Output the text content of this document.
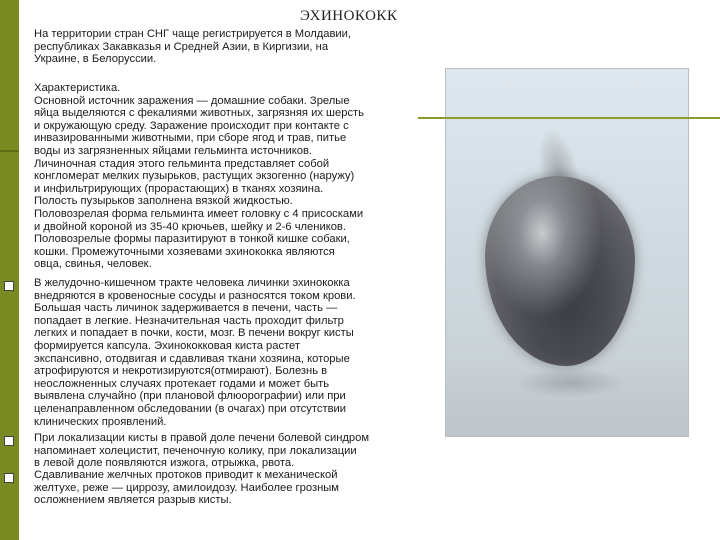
ЭХИНОКОКК
На территории стран СНГ чаще регистрируется в Молдавии,
республиках Закавказья и Средней Азии, в Киргизии, на
Украине, в Белоруссии.
Характеристика.
Основной источник заражения — домашние собаки. Зрелые
яйца выделяются с фекалиями животных, загрязняя их шерсть
и окружающую среду. Заражение происходит при контакте с
инвазированными животными, при сборе ягод и трав, питье
воды из загрязненных яйцами гельминта источников.
Личиночная стадия этого гельминта представляет собой
конгломерат мелких пузырьков, растущих экзогенно (наружу)
и инфильтрирующих (прорастающих) в тканях хозяина.
Полость пузырьков заполнена вязкой жидкостью.
Половозрелая форма гельминта имеет головку с 4 присосками
и двойной короной из 35-40 крючьев, шейку и 2-6 члеников.
Половозрелые формы паразитируют в тонкой кишке собаки,
кошки. Промежуточными хозяевами эхинококка являются
овца, свинья, человек.
В желудочно-кишечном тракте человека личинки эхинококка
внедряются в кровеносные сосуды и разносятся током крови.
Большая часть личинок задерживается в печени, часть —
попадает в легкие. Незначительная часть проходит фильтр
легких и попадает в почки, кости, мозг. В печени вокруг кисты
формируется капсула. Эхинококковая киста растет
экспансивно, отодвигая и сдавливая ткани хозяина, которые
атрофируются и некротизируются(отмирают). Болезнь в
неосложненных случаях протекает годами и может быть
выявлена случайно (при плановой флюорографии) или при
целенаправленном обследовании (в очагах) при отсутствии
клинических проявлений.
При локализации кисты в правой доле печени болевой синдром
напоминает холецистит, печеночную колику, при локализации
в левой доле появляются изжога, отрыжка, рвота.
Сдавливание желчных протоков приводит к механической
желтухе, реже — циррозу, амилоидозу. Наиболее грозным
осложнением является разрыв кисты.
